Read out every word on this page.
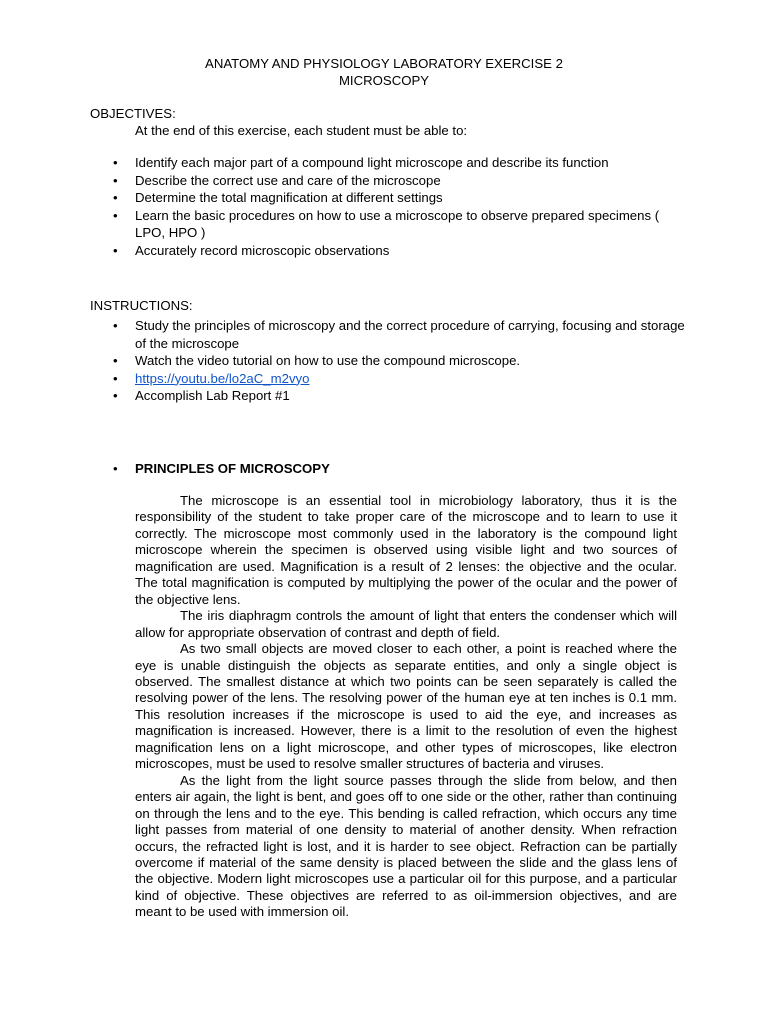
ANATOMY AND PHYSIOLOGY LABORATORY EXERCISE 2
MICROSCOPY
OBJECTIVES:
At the end of this exercise, each student must be able to:
• Identify each major part of a compound light microscope and describe its function
• Describe the correct use and care of the microscope
• Determine the total magnification at different settings
• Learn the basic procedures on how to use a microscope to observe prepared specimens ( LPO, HPO )
• Accurately record microscopic observations
INSTRUCTIONS:
• Study the principles of microscopy and the correct procedure of carrying, focusing and storage of the microscope
• Watch the video tutorial on how to use the compound microscope.
• https://youtu.be/lo2aC_m2vyo
• Accomplish Lab Report #1
• PRINCIPLES OF MICROSCOPY

The microscope is an essential tool in microbiology laboratory, thus it is the responsibility of the student to take proper care of the microscope and to learn to use it correctly. The microscope most commonly used in the laboratory is the compound light microscope wherein the specimen is observed using visible light and two sources of magnification are used. Magnification is a result of 2 lenses: the objective and the ocular. The total magnification is computed by multiplying the power of the ocular and the power of the objective lens.

The iris diaphragm controls the amount of light that enters the condenser which will allow for appropriate observation of contrast and depth of field.

As two small objects are moved closer to each other, a point is reached where the eye is unable distinguish the objects as separate entities, and only a single object is observed. The smallest distance at which two points can be seen separately is called the resolving power of the lens. The resolving power of the human eye at ten inches is 0.1 mm. This resolution increases if the microscope is used to aid the eye, and increases as magnification is increased. However, there is a limit to the resolution of even the highest magnification lens on a light microscope, and other types of microscopes, like electron microscopes, must be used to resolve smaller structures of bacteria and viruses.

As the light from the light source passes through the slide from below, and then enters air again, the light is bent, and goes off to one side or the other, rather than continuing on through the lens and to the eye. This bending is called refraction, which occurs any time light passes from material of one density to material of another density. When refraction occurs, the refracted light is lost, and it is harder to see object. Refraction can be partially overcome if material of the same density is placed between the slide and the glass lens of the objective. Modern light microscopes use a particular oil for this purpose, and a particular kind of objective. These objectives are referred to as oil-immersion objectives, and are meant to be used with immersion oil.
